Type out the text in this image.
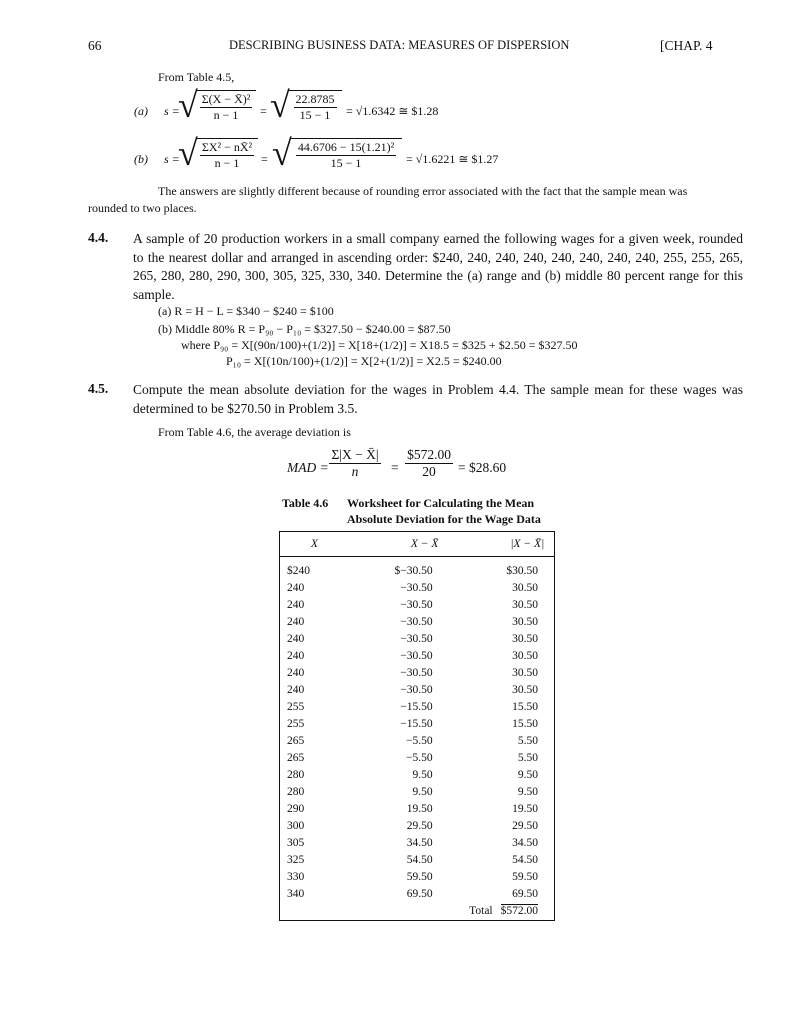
66	DESCRIBING BUSINESS DATA: MEASURES OF DISPERSION	[CHAP. 4
From Table 4.5,
(a) s =
√ $\frac{\text{Σ(X − X̄)²}}{n - 1}$ = √
$\frac{22.8785}{15 - 1} = √1.6342$ ≅ $1.28
(b) s =
√ $\frac{\text{ΣX² − nX̄²}}{n - 1}$ = √
$\frac{\text{44.6706 − 15(1.21)²}}{15 - 1} = √1.6221$ ≅ $1.27
The answers are slightly different because of rounding error associated with the fact that the sample mean was rounded to two places.
4.4. A sample of 20 production workers in a small company earned the following wages for a given week, rounded to the nearest dollar and arranged in ascending order: $240, 240, 240, 240, 240, 240, 240, 240, 255, 255, 265, 265, 280, 280, 290, 300, 305, 325, 330, 340. Determine the (a) range and (b) middle 80 percent range for this sample.
(a) R = H − L = $340 − $240 = $100
(b) Middle 80% R = P₉₀ − P₁₀ = $327.50 − $240.00 = $87.50
where P₉₀ = X[(90n/100)+(1/2)] = X[18+(1/2)] = X18.5 = $325 + $2.50 = $327.50
P₁₀ = X[(10n/100)+(1/2)] = X[2+(1/2)] = X2.5 = $240.00
4.5. Compute the mean absolute deviation for the wages in Problem 4.4. The sample mean for these wages was determined to be $270.50 in Problem 3.5.
From Table 4.6, the average deviation is
MAD =
$\frac{\Sigma|X - X̄|}{n} = \frac{\$572.00}{20}$ = $28.60
Table 4.6 Worksheet for Calculating the Mean
Absolute Deviation for the Wage Data
X	X − X̄	|X − X̄|

$240	$−30.50	$30.50
240	−30.50	30.50
240	−30.50	30.50
240	−30.50	30.50
240	−30.50	30.50
240	−30.50	30.50
240	−30.50	30.50
240	−30.50	30.50
255	−15.50	15.50
255	−15.50	15.50
265	−5.50	5.50
265	−5.50	5.50
280	9.50	9.50
280	9.50	9.50
290	19.50	19.50
300	29.50	29.50
305	34.50	34.50
325	54.50	54.50
330	59.50	59.50
340	69.50	69.50
	Total	$572.00
